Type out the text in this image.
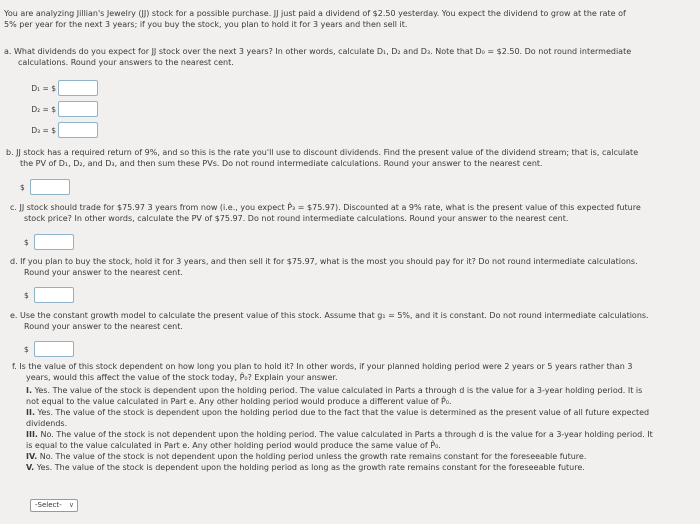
You are analyzing Jillian's Jewelry (JJ) stock for a possible purchase. JJ just paid a dividend of $2.50 yesterday. You expect the dividend to grow at the rate of

5% per year for the next 3 years; if you buy the stock, you plan to hold it for 3 years and then sell it.

a. What dividends do you expect for JJ stock over the next 3 years? In other words, calculate D₁, D₂ and D₃. Note that D₀ = $2.50. Do not round intermediate

calculations. Round your answers to the nearest cent.

D₁ = $
D₂ = $
D₃ = $

b. JJ stock has a required return of 9%, and so this is the rate you'll use to discount dividends. Find the present value of the dividend stream; that is, calculate

the PV of D₁, D₂, and D₃, and then sum these PVs. Do not round intermediate calculations. Round your answer to the nearest cent.

$

c. JJ stock should trade for $75.97 3 years from now (i.e., you expect P̂₃ = $75.97). Discounted at a 9% rate, what is the present value of this expected future

stock price? In other words, calculate the PV of $75.97. Do not round intermediate calculations. Round your answer to the nearest cent.

$

d. If you plan to buy the stock, hold it for 3 years, and then sell it for $75.97, what is the most you should pay for it? Do not round intermediate calculations.

Round your answer to the nearest cent.

$

e. Use the constant growth model to calculate the present value of this stock. Assume that g₁ = 5%, and it is constant. Do not round intermediate calculations.

Round your answer to the nearest cent.

$

f. Is the value of this stock dependent on how long you plan to hold it? In other words, if your planned holding period were 2 years or 5 years rather than 3

years, would this affect the value of the stock today, P̂₀? Explain your answer.

I. Yes. The value of the stock is dependent upon the holding period. The value calculated in Parts a through d is the value for a 3-year holding period. It is
not equal to the value calculated in Part e. Any other holding period would produce a different value of P̂₀.
II. Yes. The value of the stock is dependent upon the holding period due to the fact that the value is determined as the present value of all future expected
dividends.
III. No. The value of the stock is not dependent upon the holding period. The value calculated in Parts a through d is the value for a 3-year holding period. It
is equal to the value calculated in Part e. Any other holding period would produce the same value of P̂₀.
IV. No. The value of the stock is not dependent upon the holding period unless the growth rate remains constant for the foreseeable future.
V. Yes. The value of the stock is dependent upon the holding period as long as the growth rate remains constant for the foreseeable future.
-Select- ∨
